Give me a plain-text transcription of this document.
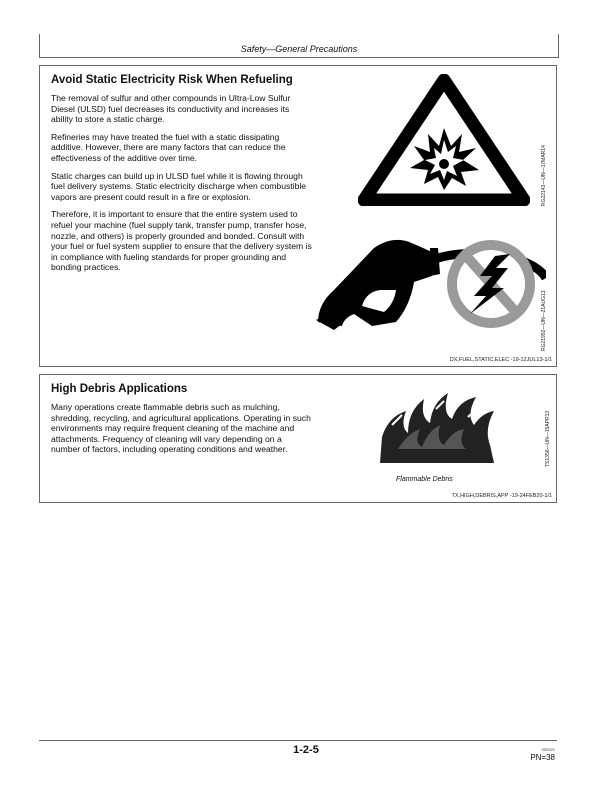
Safety—General Precautions
Avoid Static Electricity Risk When Refueling

The removal of sulfur and other compounds in Ultra-Low Sulfur Diesel (ULSD) fuel decreases its conductivity and increases its ability to store a static charge.

Refineries may have treated the fuel with a static dissipating additive. However, there are many factors that can reduce the effectiveness of the additive over time.

Static charges can build up in ULSD fuel while it is flowing through fuel delivery systems. Static electricity discharge when combustible vapors are present could result in a fire or explosion.

Therefore, it is important to ensure that the entire system used to refuel your machine (fuel supply tank, transfer pump, transfer hose, nozzle, and others) is properly grounded and bonded. Consult with your fuel or fuel system supplier to ensure that the delivery system is in compliance with fueling standards for proper grounding and bonding practices.

RG22142—UN—17MAR14
RG21992—UN—21AUG13
DX,FUEL,STATIC,ELEC -19-12JUL13-1/1
High Debris Applications

Many operations create flammable debris such as mulching, shredding, recycling, and agricultural applications. Operating in such environments may require frequent cleaning of the machine and attachments. Frequency of cleaning will vary depending on a number of factors, including operating conditions and weather.	TS1356—UN—15APR13
Flammable Debris
TX,HIGH,DEBRIS,APP -19-24FEB20-1/1
1-2-5	092021
PN=38
